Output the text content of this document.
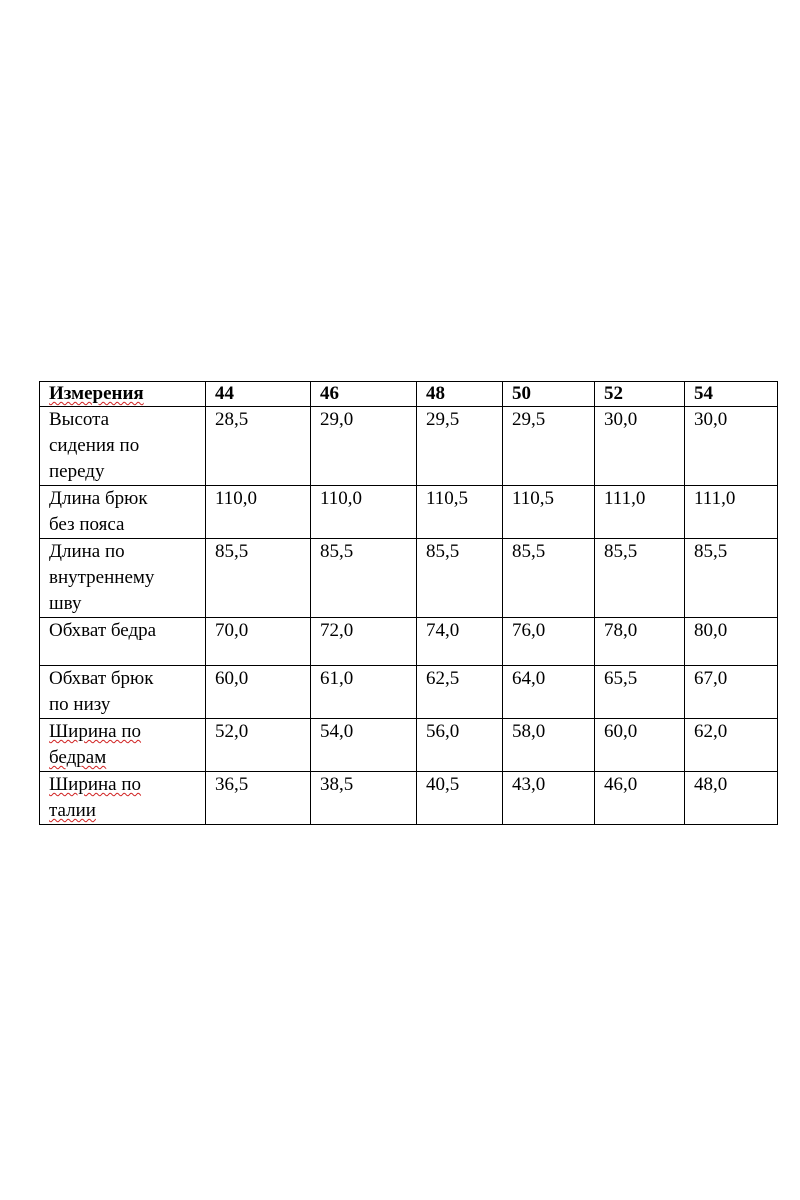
Измерения	44	46	48	50	52	54

Высота
сидения по
переду	28,5	29,0	29,5	29,5	30,0	30,0

Длина брюк
без пояса	110,0	110,0	110,5	110,5	111,0	111,0

Длина по
внутреннему
шву	85,5	85,5	85,5	85,5	85,5	85,5

Обхват бедра	70,0	72,0	74,0	76,0	78,0	80,0

Обхват брюк
по низу	60,0	61,0	62,5	64,0	65,5	67,0

Ширина по
бедрам	52,0	54,0	56,0	58,0	60,0	62,0

Ширина по
талии	36,5	38,5	40,5	43,0	46,0	48,0
